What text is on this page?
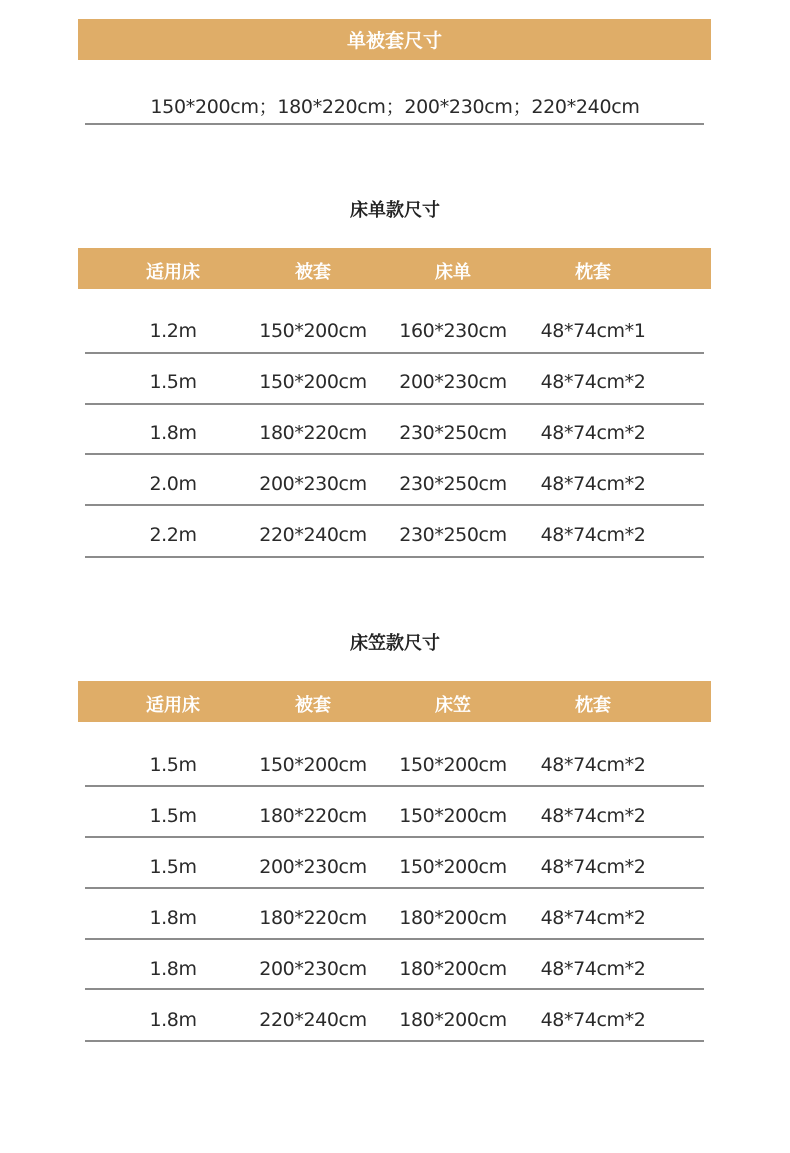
单被套尺寸
150*200cm；180*220cm；200*230cm；220*240cm
床单款尺寸
适用床	被套	床单	枕套
1.2m	150*200cm 160*230cm 48*74cm*1
1.5m	150*200cm 200*230cm 48*74cm*2
1.8m	180*220cm 230*250cm 48*74cm*2
2.0m	200*230cm 230*250cm 48*74cm*2
2.2m	220*240cm 230*250cm 48*74cm*2
床笠款尺寸
适用床	被套	床笠	枕套
1.5m	150*200cm 150*200cm 48*74cm*2
1.5m	180*220cm 150*200cm 48*74cm*2
1.5m	200*230cm 150*200cm 48*74cm*2
1.8m	180*220cm 180*200cm 48*74cm*2
1.8m	200*230cm 180*200cm 48*74cm*2
1.8m	220*240cm 180*200cm 48*74cm*2
